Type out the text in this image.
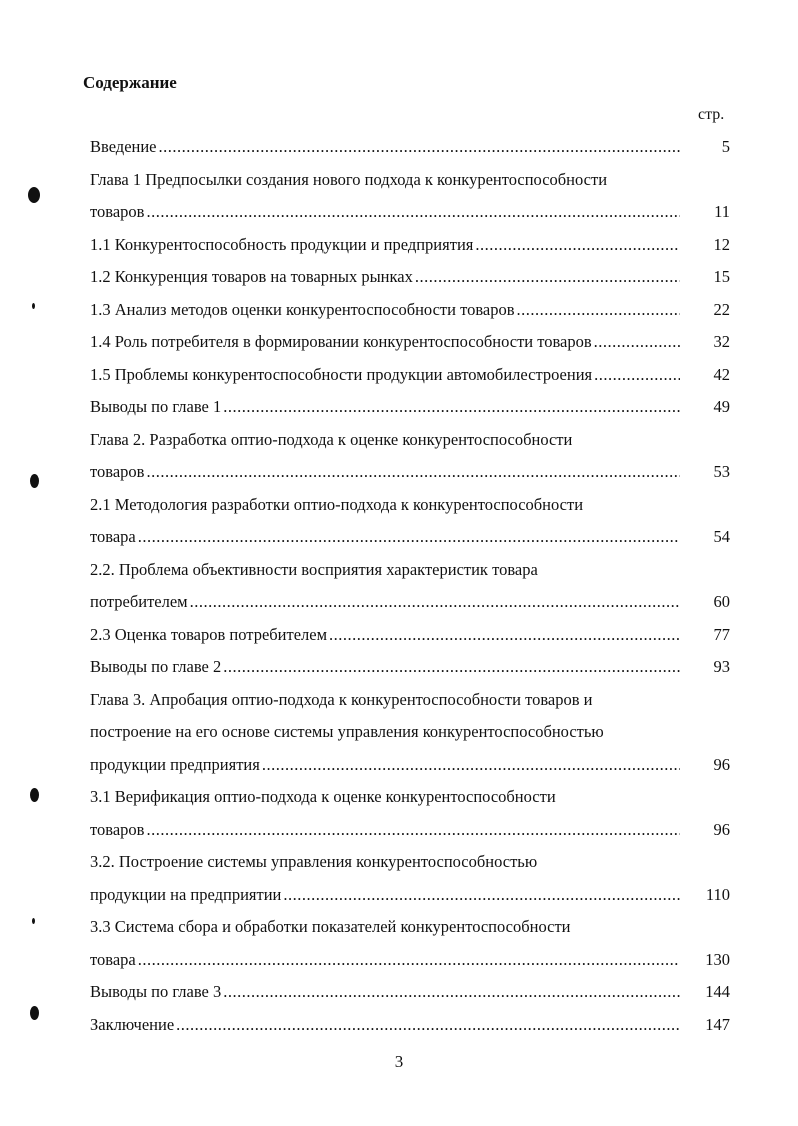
Содержание
стр.
Введение .....	5
Глава 1 Предпосылки создания нового подхода к конкурентоспособности
товаров .....	11
1.1 Конкурентоспособность продукции и предприятия .....	12
1.2 Конкуренция товаров на товарных рынках .....	15
1.3 Анализ методов оценки конкурентоспособности товаров .....	22
1.4 Роль потребителя в формировании конкурентоспособности товаров .....	32
1.5 Проблемы конкурентоспособности продукции автомобилестроения .....	42
Выводы по главе 1 .....	49
Глава 2. Разработка оптио-подхода к оценке конкурентоспособности
товаров .....	53
2.1 Методология разработки оптио-подхода к конкурентоспособности
товара .....	54
2.2. Проблема объективности восприятия характеристик товара
потребителем .....	60
2.3 Оценка товаров потребителем .....	77
Выводы по главе 2 .....	93
Глава 3. Апробация оптио-подхода к конкурентоспособности товаров и
построение на его основе системы управления конкурентоспособностью
продукции предприятия .....	96
3.1 Верификация оптио-подхода к оценке конкурентоспособности
товаров .....	96
3.2. Построение системы управления конкурентоспособностью
продукции на предприятии .....	110
3.3 Система сбора и обработки показателей конкурентоспособности
товара .....	130
Выводы по главе 3 .....	144
Заключение .....	147
3
